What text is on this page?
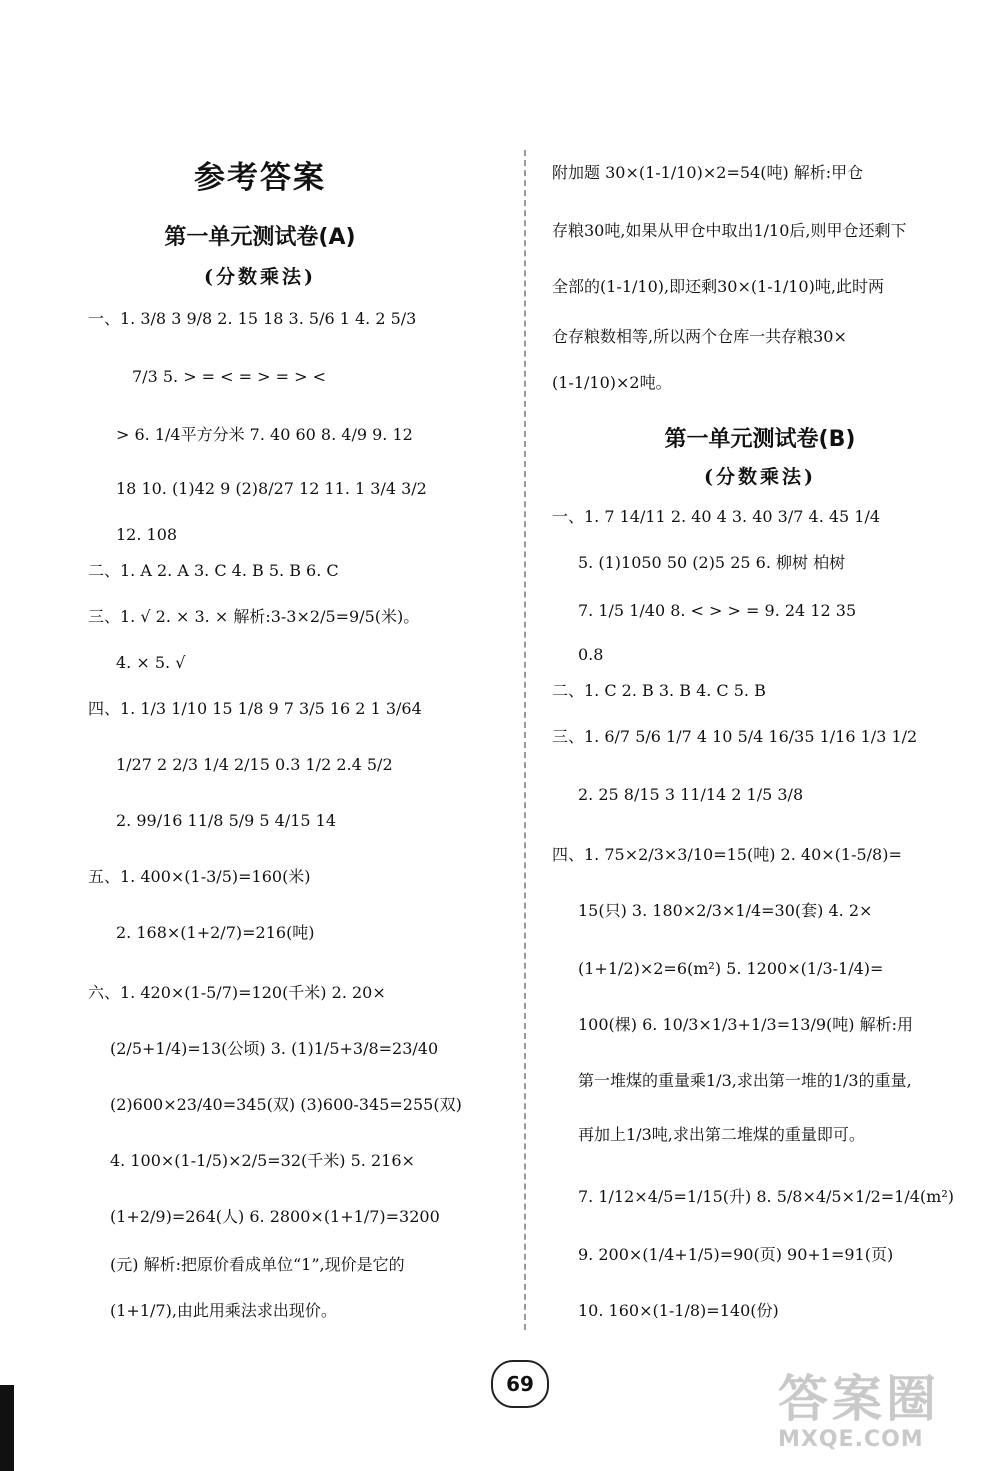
参考答案
第一单元测试卷(A)
(分数乘法)
一、1. 3/8 3 9/8 2. 15 18 3. 5/6 1 4. 2 5/3
7/3 5. > = < = > = > <
> 6. 1/4平方分米 7. 40 60 8. 4/9 9. 12
18 10. (1)42 9 (2)8/27 12 11. 1 3/4 3/2
12. 108
二、1. A 2. A 3. C 4. B 5. B 6. C
三、1. √ 2. × 3. × 解析:3-3×2/5=9/5(米)。
4. × 5. √
四、1. 1/3 1/10 15 1/8 9 7 3/5 16 2 1 3/64
1/27 2 2/3 1/4 2/15 0.3 1/2 2.4 5/2
2. 99/16 11/8 5/9 5 4/15 14
五、1. 400×(1-3/5)=160(米)
2. 168×(1+2/7)=216(吨)
六、1. 420×(1-5/7)=120(千米) 2. 20×
(2/5+1/4)=13(公顷) 3. (1)1/5+3/8=23/40
(2)600×23/40=345(双) (3)600-345=255(双)
4. 100×(1-1/5)×2/5=32(千米) 5. 216×
(1+2/9)=264(人) 6. 2800×(1+1/7)=3200
(元) 解析:把原价看成单位“1”,现价是它的
(1+1/7),由此用乘法求出现价。
附加题 30×(1-1/10)×2=54(吨) 解析:甲仓
存粮30吨,如果从甲仓中取出1/10后,则甲仓还剩下
全部的(1-1/10),即还剩30×(1-1/10)吨,此时两
仓存粮数相等,所以两个仓库一共存粮30×
(1-1/10)×2吨。
第一单元测试卷(B)
(分数乘法)
一、1. 7 14/11 2. 40 4 3. 40 3/7 4. 45 1/4
5. (1)1050 50 (2)5 25 6. 柳树 柏树
7. 1/5 1/40 8. < > > = 9. 24 12 35
0.8
二、1. C 2. B 3. B 4. C 5. B
三、1. 6/7 5/6 1/7 4 10 5/4 16/35 1/16 1/3 1/2
2. 25 8/15 3 11/14 2 1/5 3/8
四、1. 75×2/3×3/10=15(吨) 2. 40×(1-5/8)=
15(只) 3. 180×2/3×1/4=30(套) 4. 2×
(1+1/2)×2=6(m²) 5. 1200×(1/3-1/4)=
100(棵) 6. 10/3×1/3+1/3=13/9(吨) 解析:用
第一堆煤的重量乘1/3,求出第一堆的1/3的重量,
再加上1/3吨,求出第二堆煤的重量即可。
7. 1/12×4/5=1/15(升) 8. 5/8×4/5×1/2=1/4(m²)
9. 200×(1/4+1/5)=90(页) 90+1=91(页)
10. 160×(1-1/8)=140(份)
69	答案圈
MXQE.COM
